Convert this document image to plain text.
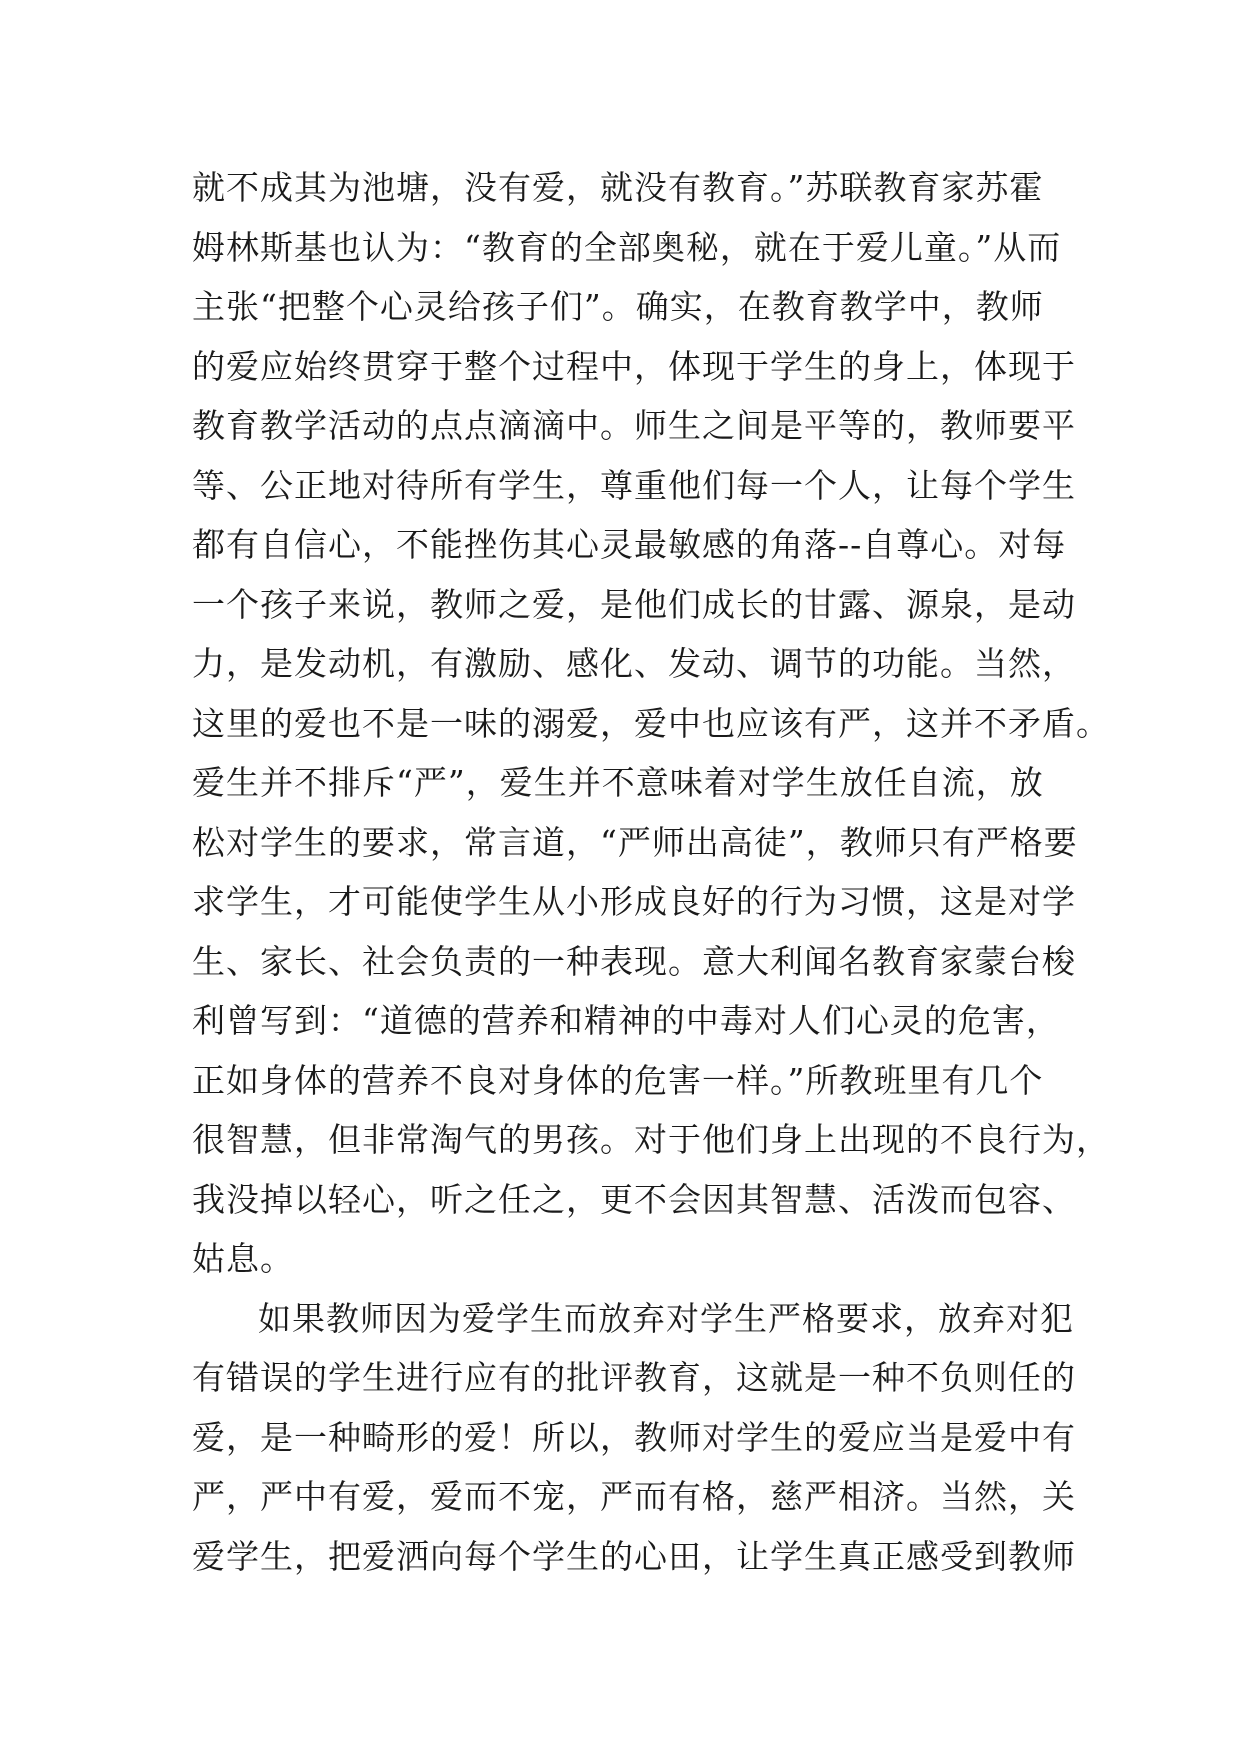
就不成其为池塘，没有爱，就没有教育。”苏联教育家苏霍
姆林斯基也认为：“教育的全部奥秘，就在于爱儿童。”从而
主张“把整个心灵给孩子们”。确实，在教育教学中，教师
的爱应始终贯穿于整个过程中，体现于学生的身上，体现于
教育教学活动的点点滴滴中。师生之间是平等的，教师要平
等、公正地对待所有学生，尊重他们每一个人，让每个学生
都有自信心，不能挫伤其心灵最敏感的角落--自尊心。对每
一个孩子来说，教师之爱，是他们成长的甘露、源泉，是动
力，是发动机，有激励、感化、发动、调节的功能。当然，
这里的爱也不是一味的溺爱，爱中也应该有严，这并不矛盾。
爱生并不排斥“严”，爱生并不意味着对学生放任自流，放
松对学生的要求，常言道，“严师出高徒”，教师只有严格要
求学生，才可能使学生从小形成良好的行为习惯，这是对学
生、家长、社会负责的一种表现。意大利闻名教育家蒙台梭
利曾写到：“道德的营养和精神的中毒对人们心灵的危害，
正如身体的营养不良对身体的危害一样。”所教班里有几个
很智慧，但非常淘气的男孩。对于他们身上出现的不良行为，
我没掉以轻心，听之任之，更不会因其智慧、活泼而包容、
姑息。
如果教师因为爱学生而放弃对学生严格要求，放弃对犯
有错误的学生进行应有的批评教育，这就是一种不负则任的
爱，是一种畸形的爱！所以，教师对学生的爱应当是爱中有
严，严中有爱，爱而不宠，严而有格，慈严相济。当然，关
爱学生，把爱洒向每个学生的心田，让学生真正感受到教师
